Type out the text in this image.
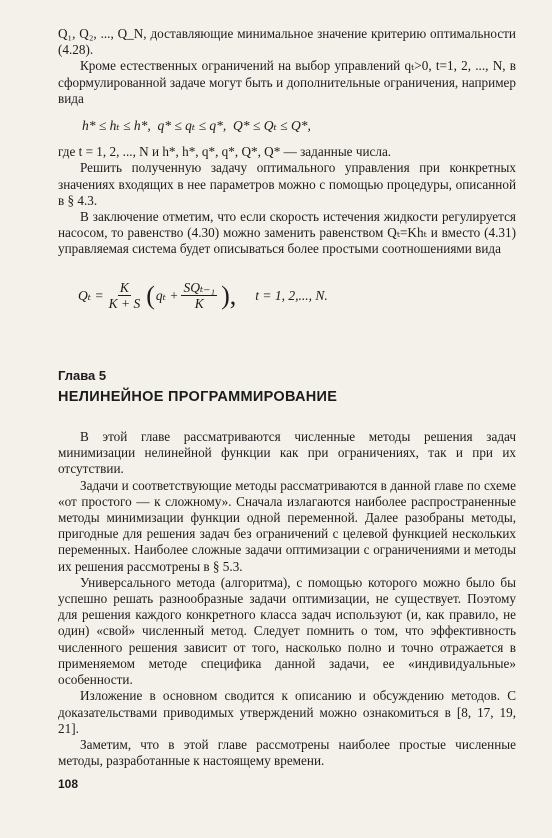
Q₁, Q₂, ..., Q_N, доставляющие минимальное значение критерию оптимальности (4.28).

Кроме естественных ограничений на выбор управлений qₜ>0, t=1, 2, ..., N, в сформулированной задаче могут быть и дополнительные ограничения, например вида

h* ≤ hₜ ≤ h*,  q* ≤ qₜ ≤ q*,  Q* ≤ Qₜ ≤ Q*,

где t = 1, 2, ..., N и h*, h*, q*, q*, Q*, Q* — заданные числа.

Решить полученную задачу оптимального управления при конкретных значениях входящих в нее параметров можно с помощью процедуры, описанной в § 4.3.

В заключение отметим, что если скорость истечения жидкости регулируется насосом, то равенство (4.30) можно заменить равенством Qₜ=Khₜ и вместо (4.31) управляемая система будет описываться более простыми соотношениями вида

$Q_t = \frac{K}{K + S}$ ( $q_t + \frac{\text{SQₜ₋₁}}{K}$ ), t = 1, 2,..., N.
Глава 5
НЕЛИНЕЙНОЕ ПРОГРАММИРОВАНИЕ

В этой главе рассматриваются численные методы решения задач минимизации нелинейной функции как при ограничениях, так и при их отсутствии.

Задачи и соответствующие методы рассматриваются в данной главе по схеме «от простого — к сложному». Сначала излагаются наиболее распространенные методы минимизации функции одной переменной. Далее разобраны методы, пригодные для решения задач без ограничений с целевой функцией нескольких переменных. Наиболее сложные задачи оптимизации с ограничениями и методы их решения рассмотрены в § 5.3.

Универсального метода (алгоритма), с помощью которого можно было бы успешно решать разнообразные задачи оптимизации, не существует. Поэтому для решения каждого конкретного класса задач используют (и, как правило, не один) «свой» численный метод. Следует помнить о том, что эффективность численного решения зависит от того, насколько полно и точно отражается в применяемом методе специфика данной задачи, ее «индивидуальные» особенности.

Изложение в основном сводится к описанию и обсуждению методов. С доказательствами приводимых утверждений можно ознакомиться в [8, 17, 19, 21].

Заметим, что в этой главе рассмотрены наиболее простые численные методы, разработанные к настоящему времени.

108
